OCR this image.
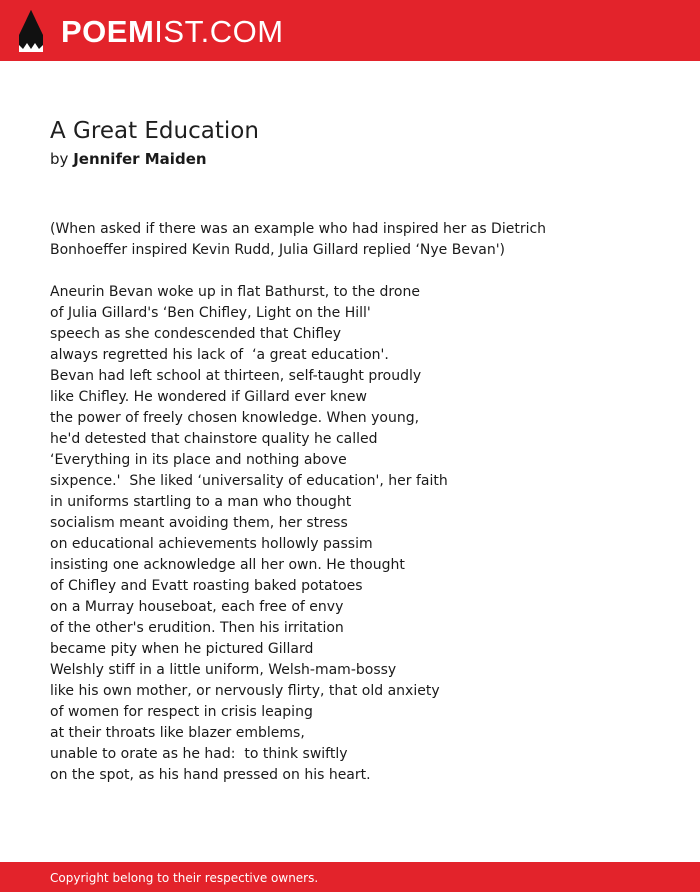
POEMIST.COM
A Great Education
by Jennifer Maiden
(When asked if there was an example who had inspired her as Dietrich
Bonhoeffer inspired Kevin Rudd, Julia Gillard replied ‘Nye Bevan')
Aneurin Bevan woke up in flat Bathurst, to the drone
of Julia Gillard's ‘Ben Chifley, Light on the Hill'
speech as she condescended that Chifley
always regretted his lack of  ‘a great education'.
Bevan had left school at thirteen, self-taught proudly
like Chifley. He wondered if Gillard ever knew
the power of freely chosen knowledge. When young,
he'd detested that chainstore quality he called
‘Everything in its place and nothing above
sixpence.'  She liked ‘universality of education', her faith
in uniforms startling to a man who thought
socialism meant avoiding them, her stress
on educational achievements hollowly passim
insisting one acknowledge all her own. He thought
of Chifley and Evatt roasting baked potatoes
on a Murray houseboat, each free of envy
of the other's erudition. Then his irritation
became pity when he pictured Gillard
Welshly stiff in a little uniform, Welsh-mam-bossy
like his own mother, or nervously flirty, that old anxiety
of women for respect in crisis leaping
at their throats like blazer emblems,
unable to orate as he had:  to think swiftly
on the spot, as his hand pressed on his heart.
Copyright belong to their respective owners.
